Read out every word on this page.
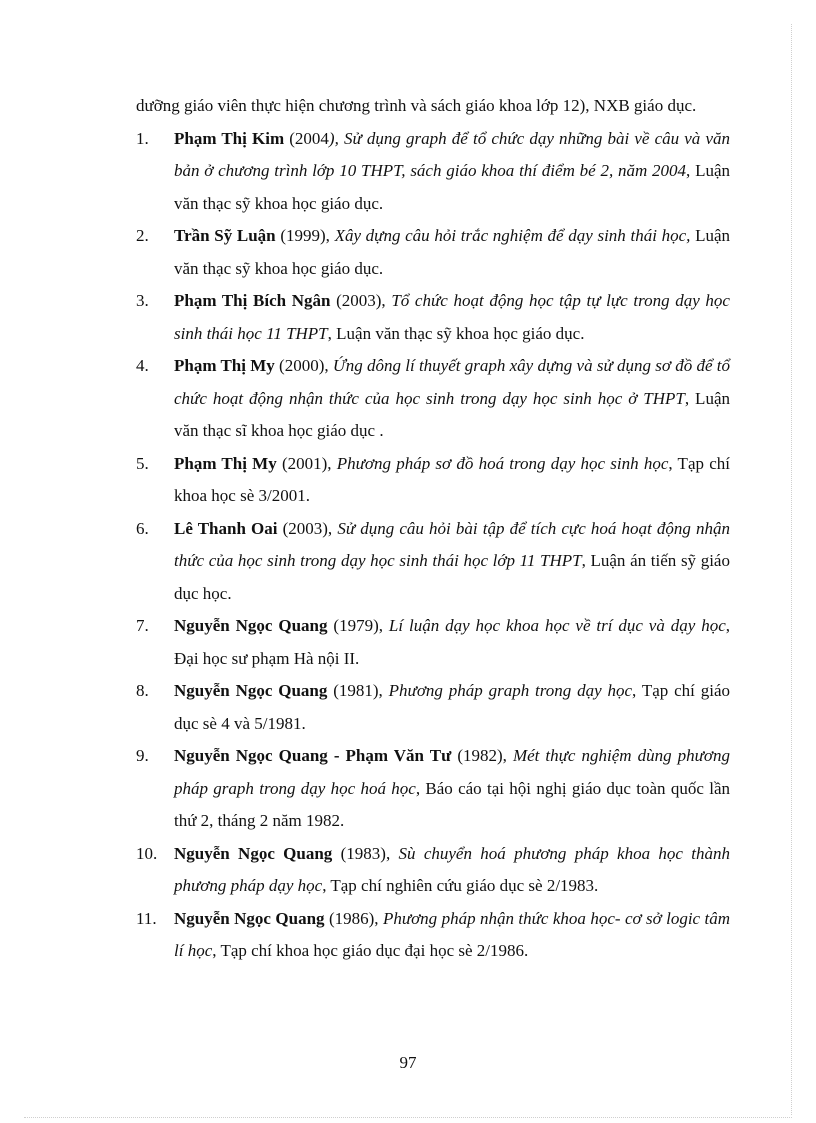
dưỡng giáo viên thực hiện chương trình và sách giáo khoa lớp 12), NXB giáo dục.

1.	Phạm Thị Kim (2004), Sử dụng graph để tổ chức dạy những bài về câu và văn bản ở chương trình lớp 10 THPT, sách giáo khoa thí điểm bé 2, năm 2004, Luận văn thạc sỹ khoa học giáo dục.

2.	Trần Sỹ Luận (1999), Xây dựng câu hỏi trắc nghiệm để dạy sinh thái học, Luận văn thạc sỹ khoa học giáo dục.

3.	Phạm Thị Bích Ngân (2003), Tổ chức hoạt động học tập tự lực trong dạy học sinh thái học 11 THPT, Luận văn thạc sỹ khoa học giáo dục.

4.	Phạm Thị My (2000), Ứng dông lí thuyết graph xây dựng và sử dụng sơ đồ để tổ chức hoạt động nhận thức của học sinh trong dạy học sinh học ở THPT, Luận văn thạc sĩ khoa học giáo dục .

5.	Phạm Thị My (2001), Phương pháp sơ đồ hoá trong dạy học sinh học, Tạp chí khoa học sè 3/2001.

6.	Lê Thanh Oai (2003), Sử dụng câu hỏi bài tập để tích cực hoá hoạt động nhận thức của học sinh trong dạy học sinh thái học lớp 11 THPT, Luận án tiến sỹ giáo dục học.

7.	Nguyễn Ngọc Quang (1979), Lí luận dạy học khoa học về trí dục và dạy học, Đại học sư phạm Hà nội II.

8.	Nguyễn Ngọc Quang (1981), Phương pháp graph trong dạy học, Tạp chí giáo dục sè 4 và 5/1981.

9.	Nguyễn Ngọc Quang - Phạm Văn Tư (1982), Mét thực nghiệm dùng phương pháp graph trong dạy học hoá học, Báo cáo tại hội nghị giáo dục toàn quốc lần thứ 2, tháng 2 năm 1982.

10. Nguyễn Ngọc Quang (1983), Sù chuyển hoá phương pháp khoa học thành phương pháp dạy học, Tạp chí nghiên cứu giáo dục sè 2/1983.

11.	Nguyễn Ngọc Quang (1986), Phương pháp nhận thức khoa học- cơ sở logic tâm lí học, Tạp chí khoa học giáo dục đại học sè 2/1986.

97
